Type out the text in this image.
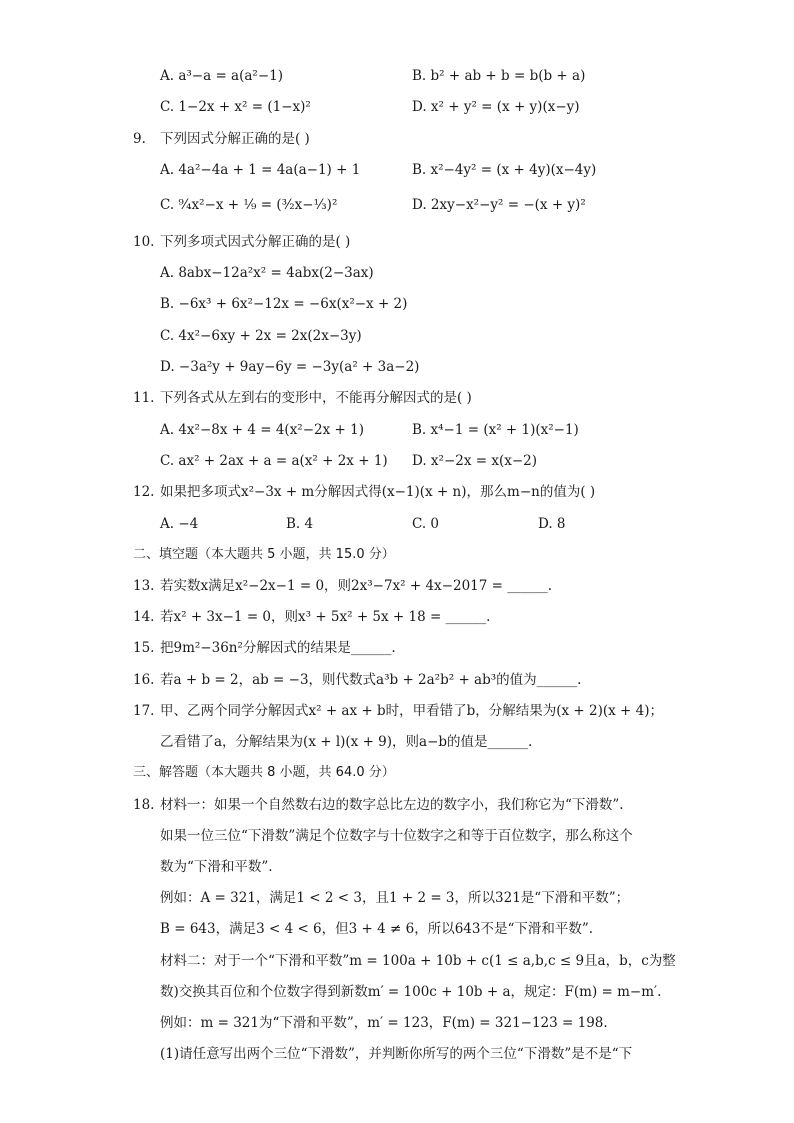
A. a³−a = a(a²−1)	B. b² + ab + b = b(b + a)
C. 1−2x + x² = (1−x)²	D. x² + y² = (x + y)(x−y)
9. 下列因式分解正确的是( )
A. 4a²−4a + 1 = 4a(a−1) + 1	B. x²−4y² = (x + 4y)(x−4y)
C. ⁹⁄₄x²−x + ¹⁄₉ = (³⁄₂x−¹⁄₃)²	D. 2xy−x²−y² = −(x + y)²
10. 下列多项式因式分解正确的是( )
A. 8abx−12a²x² = 4abx(2−3ax)
B. −6x³ + 6x²−12x = −6x(x²−x + 2)
C. 4x²−6xy + 2x = 2x(2x−3y)
D. −3a²y + 9ay−6y = −3y(a² + 3a−2)
11. 下列各式从左到右的变形中，不能再分解因式的是( )
A. 4x²−8x + 4 = 4(x²−2x + 1)	B. x⁴−1 = (x² + 1)(x²−1)
C. ax² + 2ax + a = a(x² + 2x + 1) D. x²−2x = x(x−2)
12. 如果把多项式x²−3x + m分解因式得(x−1)(x + n)，那么m−n的值为( )
A. −4	B. 4	C. 0	D. 8
二、填空题（本大题共 5 小题，共 15.0 分）
13. 若实数x满足x²−2x−1 = 0，则2x³−7x² + 4x−2017 = ______.
14. 若x² + 3x−1 = 0，则x³ + 5x² + 5x + 18 = ______.
15. 把9m²−36n²分解因式的结果是______.
16. 若a + b = 2，ab = −3，则代数式a³b + 2a²b² + ab³的值为______.
17. 甲、乙两个同学分解因式x² + ax + b时，甲看错了b，分解结果为(x + 2)(x + 4)；
乙看错了a，分解结果为(x + l)(x + 9)，则a−b的值是______.
三、解答题（本大题共 8 小题，共 64.0 分）
18. 材料一：如果一个自然数右边的数字总比左边的数字小，我们称它为“下滑数”.
如果一位三位“下滑数”满足个位数字与十位数字之和等于百位数字，那么称这个
数为“下滑和平数”.
例如：A = 321，满足1 < 2 < 3，且1 + 2 = 3，所以321是“下滑和平数”；
B = 643，满足3 < 4 < 6，但3 + 4 ≠ 6，所以643不是“下滑和平数”.
材料二：对于一个“下滑和平数”m = 100a + 10b + c(1 ≤ a,b,c ≤ 9且a，b，c为整
数)交换其百位和个位数字得到新数m′ = 100c + 10b + a，规定：F(m) = m−m′.
例如：m = 321为“下滑和平数”，m′ = 123，F(m) = 321−123 = 198.
(1)请任意写出两个三位“下滑数”，并判断你所写的两个三位“下滑数”是不是“下
